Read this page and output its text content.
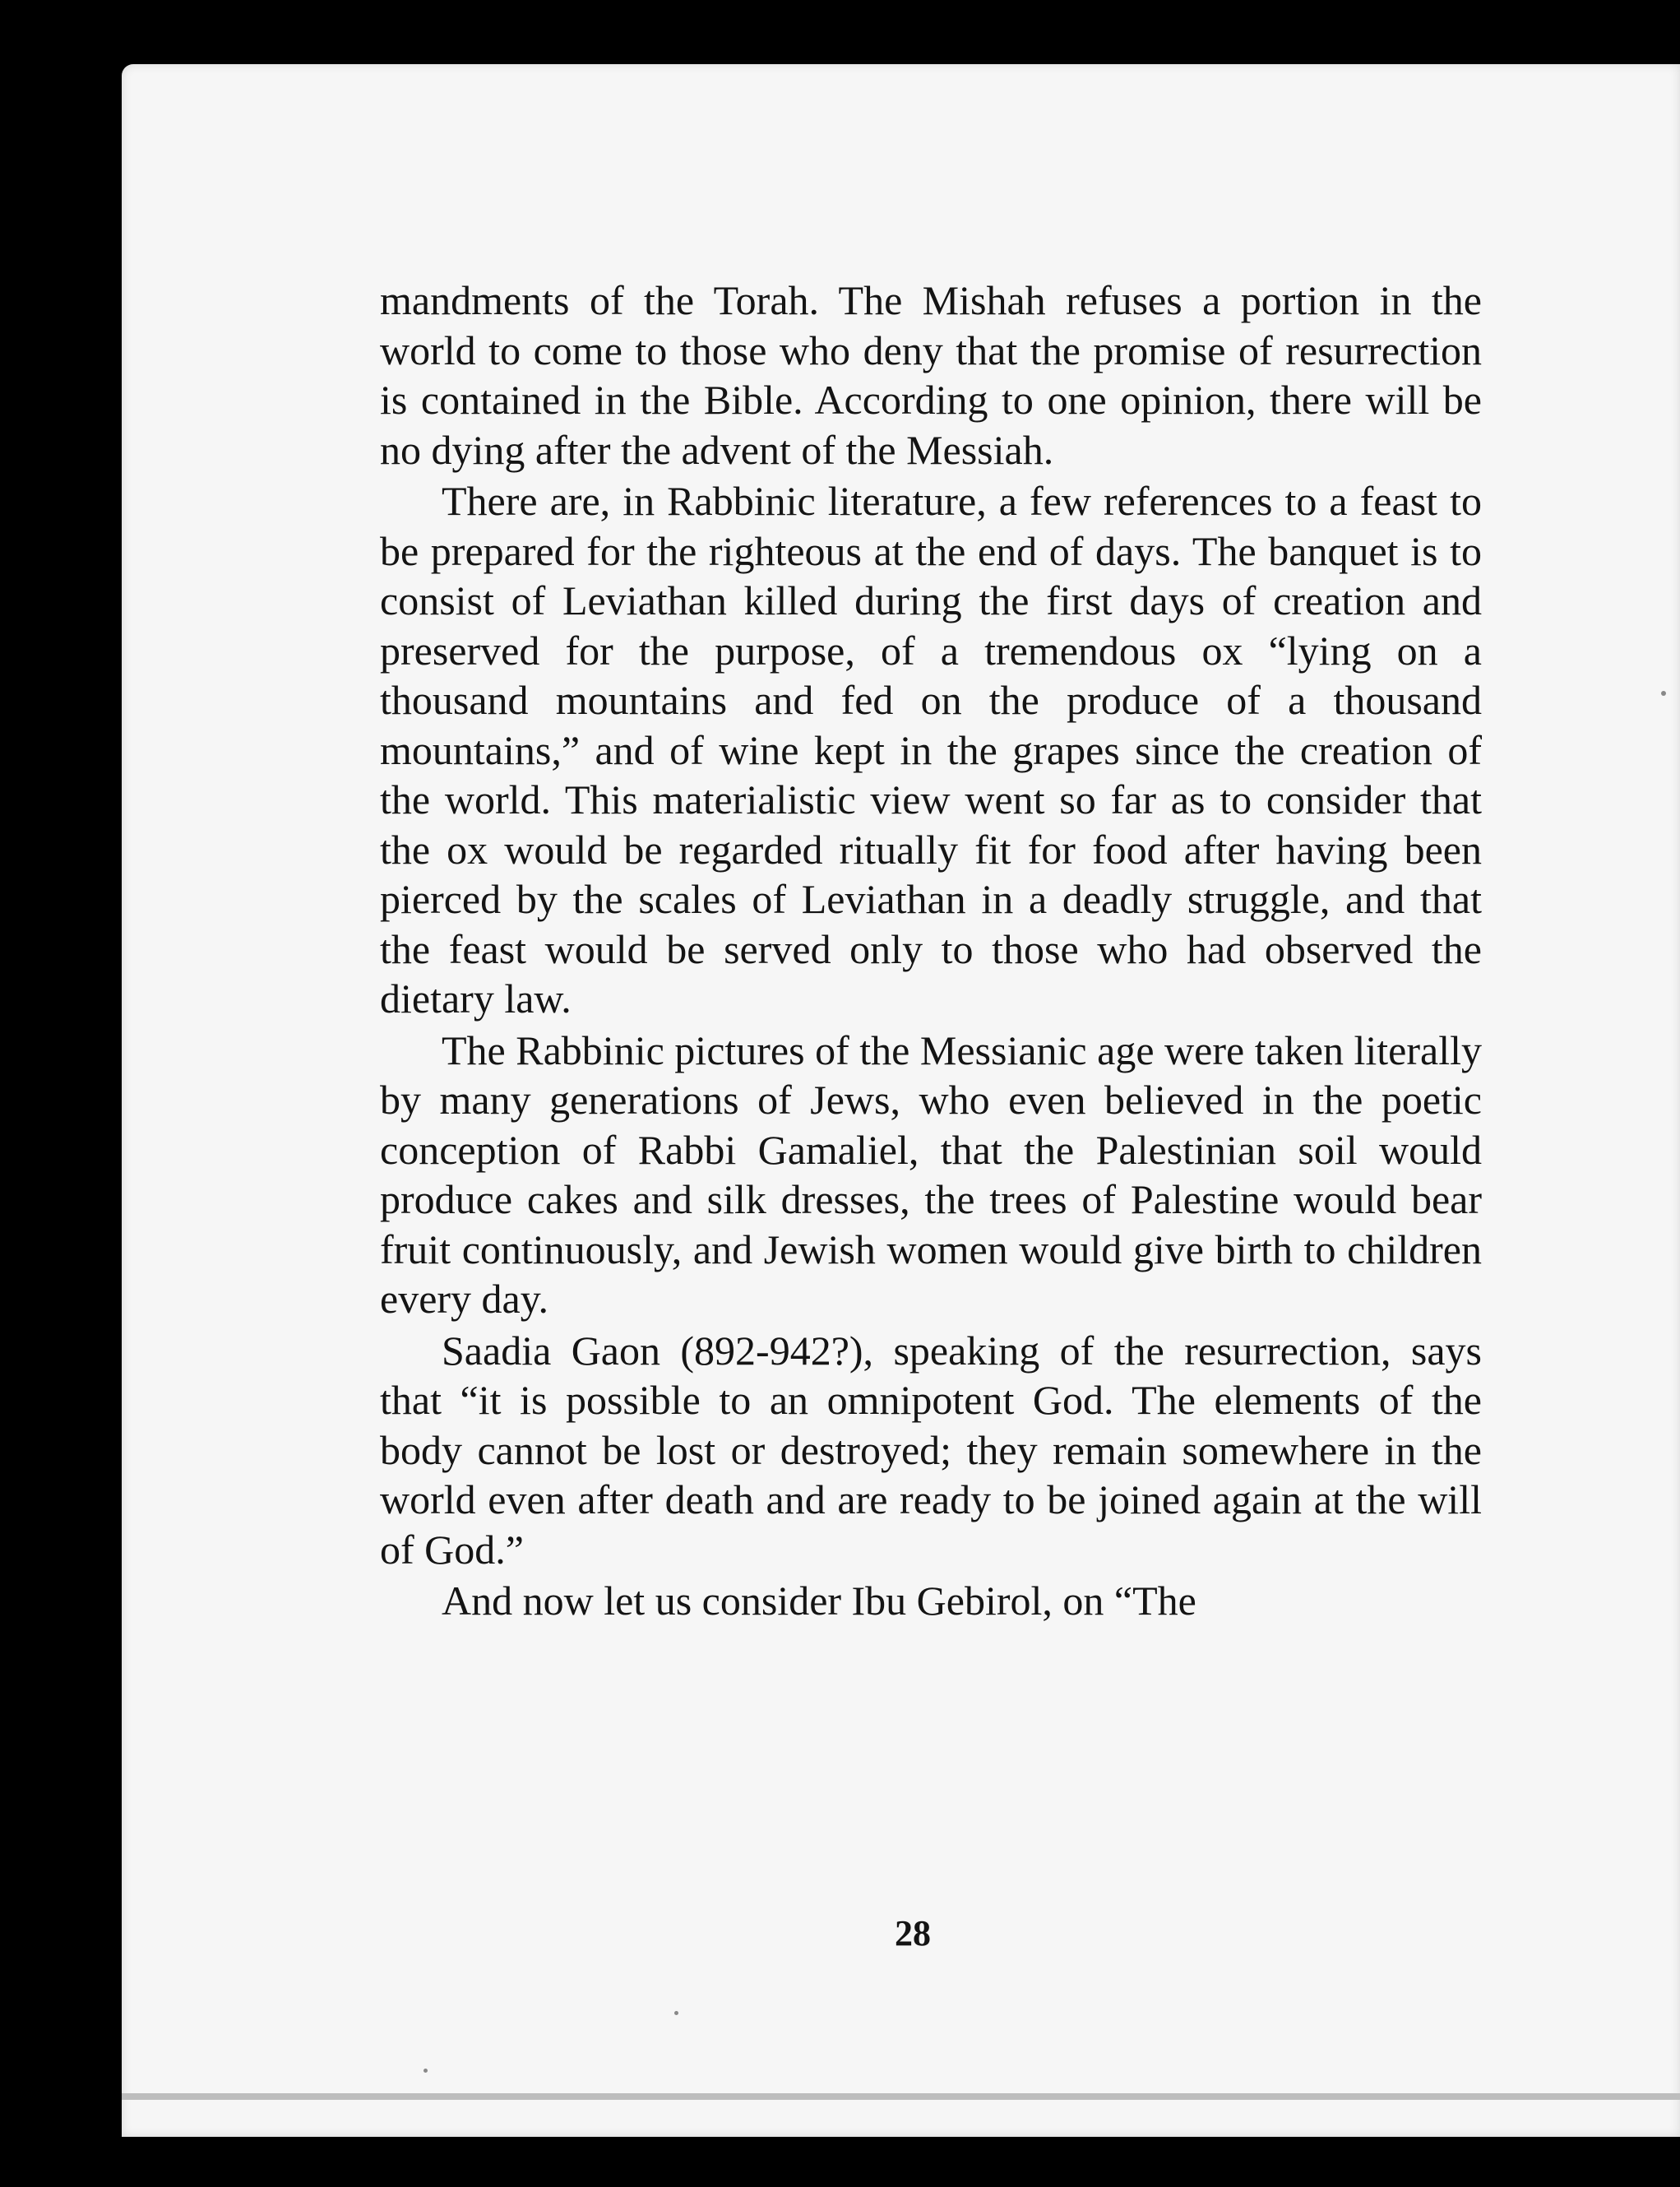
mandments of the Torah. The Mishah refuses a portion in the world to come to those who deny that the promise of resurrection is contained in the Bible. According to one opinion, there will be no dying after the advent of the Messiah.

There are, in Rabbinic literature, a few references to a feast to be prepared for the righteous at the end of days. The banquet is to consist of Leviathan killed during the first days of creation and preserved for the purpose, of a tremendous ox “lying on a thousand mountains and fed on the produce of a thousand mountains,” and of wine kept in the grapes since the creation of the world. This materialistic view went so far as to consider that the ox would be regarded ritually fit for food after having been pierced by the scales of Leviathan in a deadly struggle, and that the feast would be served only to those who had observed the dietary law.

The Rabbinic pictures of the Messianic age were taken literally by many generations of Jews, who even believed in the poetic conception of Rabbi Gamaliel, that the Palestinian soil would produce cakes and silk dresses, the trees of Palestine would bear fruit continuously, and Jewish women would give birth to children every day.

Saadia Gaon (892-942?), speaking of the resurrection, says that “it is possible to an omnipotent God. The elements of the body cannot be lost or destroyed; they remain somewhere in the world even after death and are ready to be joined again at the will of God.”

And now let us consider Ibu Gebirol, on “The

28
